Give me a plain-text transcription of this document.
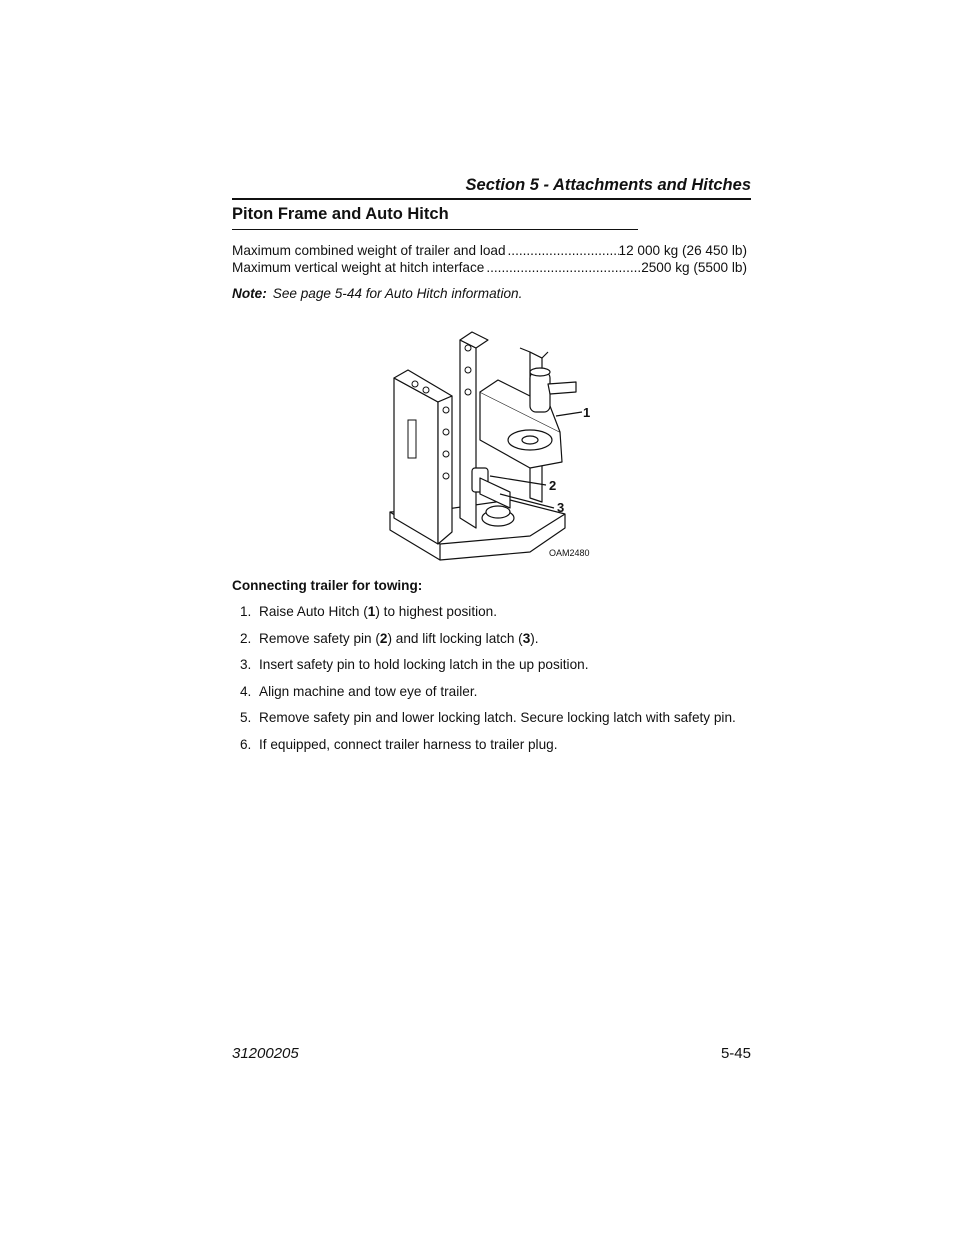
Section 5 - Attachments and Hitches
Piton Frame and Auto Hitch
Maximum combined weight of trailer and load .....	12 000 kg (26 450 lb)
Maximum vertical weight at hitch interface .....	2500 kg (5500 lb)
Note: See page 5-44 for Auto Hitch information.
1
2
3
OAM2480
Connecting trailer for towing:
1. Raise Auto Hitch (1) to highest position.
2. Remove safety pin (2) and lift locking latch (3).
3. Insert safety pin to hold locking latch in the up position.
4. Align machine and tow eye of trailer.
5. Remove safety pin and lower locking latch. Secure locking latch with safety pin.
6. If equipped, connect trailer harness to trailer plug.
31200205	5-45
